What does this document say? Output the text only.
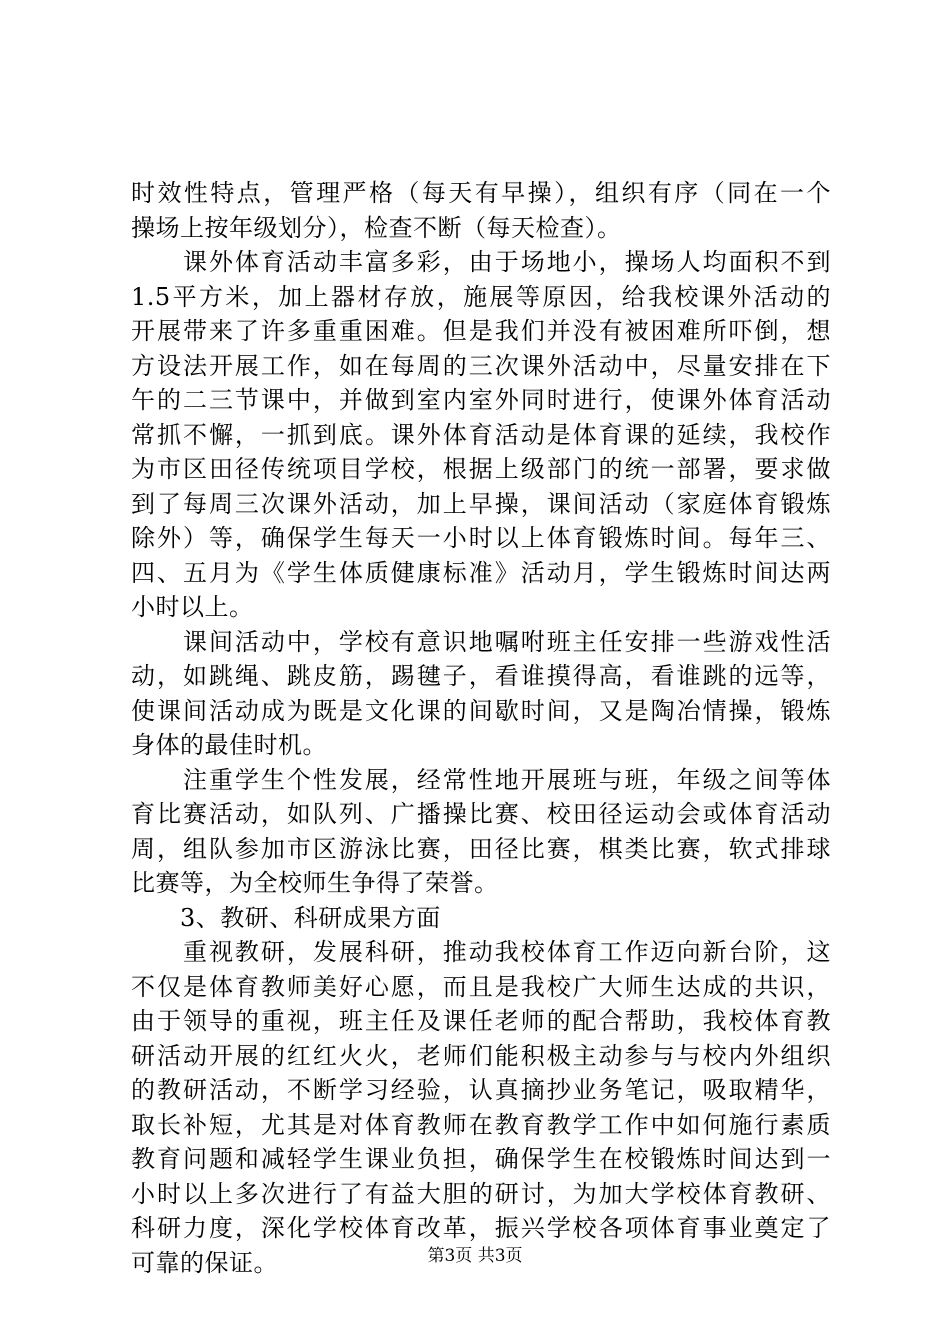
时效性特点，管理严格（每天有早操），组织有序（同在一个
操场上按年级划分），检查不断（每天检查）。
　　课外体育活动丰富多彩，由于场地小，操场人均面积不到
1.5平方米，加上器材存放，施展等原因，给我校课外活动的
开展带来了许多重重困难。但是我们并没有被困难所吓倒，想
方设法开展工作，如在每周的三次课外活动中，尽量安排在下
午的二三节课中，并做到室内室外同时进行，使课外体育活动
常抓不懈，一抓到底。课外体育活动是体育课的延续，我校作
为市区田径传统项目学校，根据上级部门的统一部署，要求做
到了每周三次课外活动，加上早操，课间活动（家庭体育锻炼
除外）等，确保学生每天一小时以上体育锻炼时间。每年三、
四、五月为《学生体质健康标准》活动月，学生锻炼时间达两
小时以上。
　　课间活动中，学校有意识地嘱咐班主任安排一些游戏性活
动，如跳绳、跳皮筋，踢毽子，看谁摸得高，看谁跳的远等，
使课间活动成为既是文化课的间歇时间，又是陶冶情操，锻炼
身体的最佳时机。
　　注重学生个性发展，经常性地开展班与班，年级之间等体
育比赛活动，如队列、广播操比赛、校田径运动会或体育活动
周，组队参加市区游泳比赛，田径比赛，棋类比赛，软式排球
比赛等，为全校师生争得了荣誉。
　　3、教研、科研成果方面
　　重视教研，发展科研，推动我校体育工作迈向新台阶，这
不仅是体育教师美好心愿，而且是我校广大师生达成的共识，
由于领导的重视，班主任及课任老师的配合帮助，我校体育教
研活动开展的红红火火，老师们能积极主动参与与校内外组织
的教研活动，不断学习经验，认真摘抄业务笔记，吸取精华，
取长补短，尤其是对体育教师在教育教学工作中如何施行素质
教育问题和减轻学生课业负担，确保学生在校锻炼时间达到一
小时以上多次进行了有益大胆的研讨，为加大学校体育教研、
科研力度，深化学校体育改革，振兴学校各项体育事业奠定了
可靠的保证。	第3页 共3页
